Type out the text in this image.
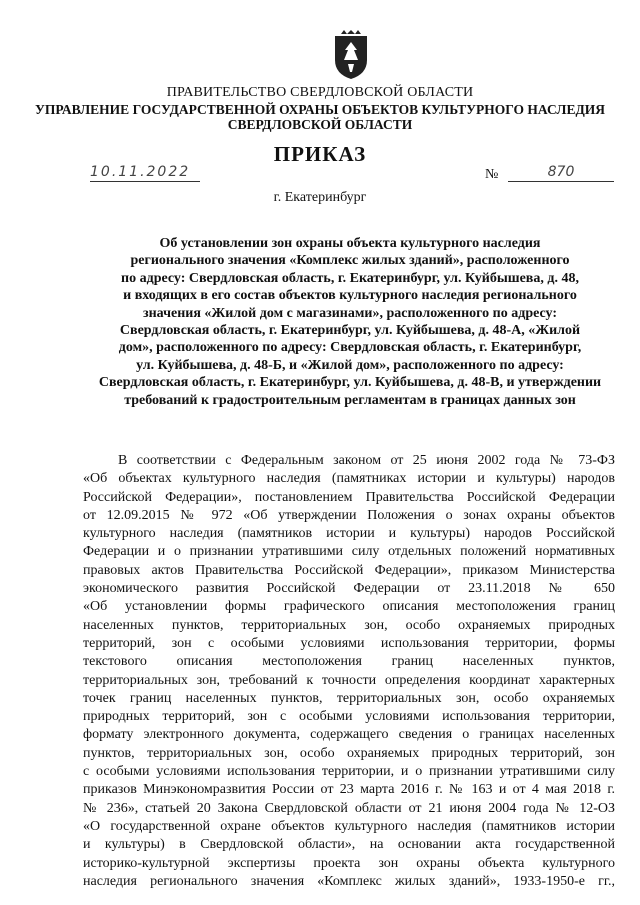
ПРАВИТЕЛЬСТВО СВЕРДЛОВСКОЙ ОБЛАСТИ
УПРАВЛЕНИЕ ГОСУДАРСТВЕННОЙ ОХРАНЫ ОБЪЕКТОВ КУЛЬТУРНОГО НАСЛЕДИЯ
СВЕРДЛОВСКОЙ ОБЛАСТИ
ПРИКАЗ
10.11.2022	№	870
г. Екатеринбург
Об установлении зон охраны объекта культурного наследия
регионального значения «Комплекс жилых зданий», расположенного
по адресу: Свердловская область, г. Екатеринбург, ул. Куйбышева, д. 48,
и входящих в его состав объектов культурного наследия регионального
значения «Жилой дом с магазинами», расположенного по адресу:
Свердловская область, г. Екатеринбург, ул. Куйбышева, д. 48-А, «Жилой
дом», расположенного по адресу: Свердловская область, г. Екатеринбург,
ул. Куйбышева, д. 48-Б, и «Жилой дом», расположенного по адресу:
Свердловская область, г. Екатеринбург, ул. Куйбышева, д. 48-В, и утверждении
требований к градостроительным регламентам в границах данных зон
В соответствии с Федеральным законом от 25 июня 2002 года № 73-ФЗ
«Об объектах культурного наследия (памятниках истории и культуры) народов
Российской Федерации», постановлением Правительства Российской Федерации
от 12.09.2015 № 972 «Об утверждении Положения о зонах охраны объектов
культурного наследия (памятников истории и культуры) народов Российской
Федерации и о признании утратившими силу отдельных положений нормативных
правовых актов Правительства Российской Федерации», приказом Министерства
экономического развития Российской Федерации от 23.11.2018 № 650
«Об установлении формы графического описания местоположения границ
населенных пунктов, территориальных зон, особо охраняемых природных
территорий, зон с особыми условиями использования территории, формы
текстового описания местоположения границ населенных пунктов,
территориальных зон, требований к точности определения координат характерных
точек границ населенных пунктов, территориальных зон, особо охраняемых
природных территорий, зон с особыми условиями использования территории,
формату электронного документа, содержащего сведения о границах населенных
пунктов, территориальных зон, особо охраняемых природных территорий, зон
с особыми условиями использования территории, и о признании утратившими силу
приказов Минэкономразвития России от 23 марта 2016 г. № 163 и от 4 мая 2018 г.
№ 236», статьей 20 Закона Свердловской области от 21 июня 2004 года № 12-ОЗ
«О государственной охране объектов культурного наследия (памятников истории
и культуры) в Свердловской области», на основании акта государственной
историко-культурной экспертизы проекта зон охраны объекта культурного
наследия регионального значения «Комплекс жилых зданий», 1933-1950-е гг.,
